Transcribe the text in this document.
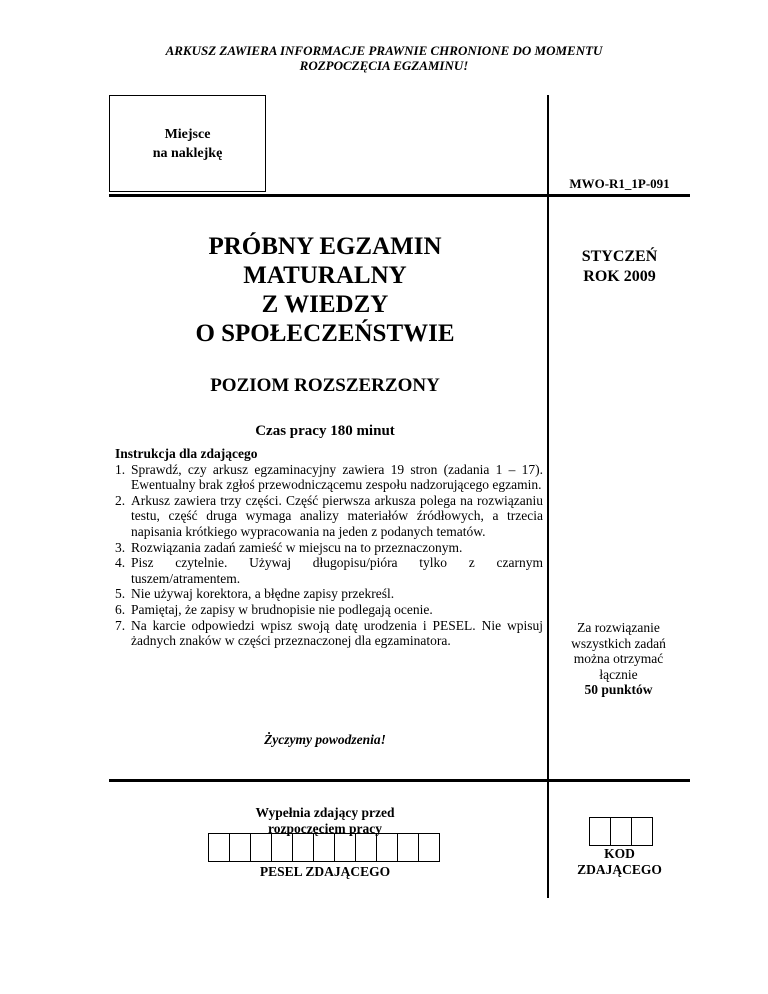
ARKUSZ ZAWIERA INFORMACJE PRAWNIE CHRONIONE DO MOMENTU
ROZPOCZĘCIA EGZAMINU!
Miejsce
na naklejkę
MWO-R1_1P-091
PRÓBNY EGZAMIN
MATURALNY
Z WIEDZY
O SPOŁECZEŃSTWIE
STYCZEŃ
ROK 2009
POZIOM ROZSZERZONY
Czas pracy 180 minut
Instrukcja dla zdającego
1. Sprawdź, czy arkusz egzaminacyjny zawiera 19 stron (zadania 1 – 17). Ewentualny brak zgłoś przewodniczącemu zespołu nadzorującego egzamin.
2. Arkusz zawiera trzy części. Część pierwsza arkusza polega na rozwiązaniu testu, część druga wymaga analizy materiałów źródłowych, a trzecia napisania krótkiego wypracowania na jeden z podanych tematów.
3. Rozwiązania zadań zamieść w miejscu na to przeznaczonym.
4. Pisz czytelnie. Używaj długopisu/pióra tylko z czarnym tuszem/atramentem.
5. Nie używaj korektora, a błędne zapisy przekreśl.
6. Pamiętaj, że zapisy w brudnopisie nie podlegają ocenie.
7. Na karcie odpowiedzi wpisz swoją datę urodzenia i PESEL. Nie wpisuj żadnych znaków w części przeznaczonej dla egzaminatora.
Za rozwiązanie
wszystkich zadań
można otrzymać
łącznie
50 punktów
Życzymy powodzenia!
Wypełnia zdający przed
rozpoczęciem pracy
PESEL ZDAJĄCEGO
KOD
ZDAJĄCEGO
